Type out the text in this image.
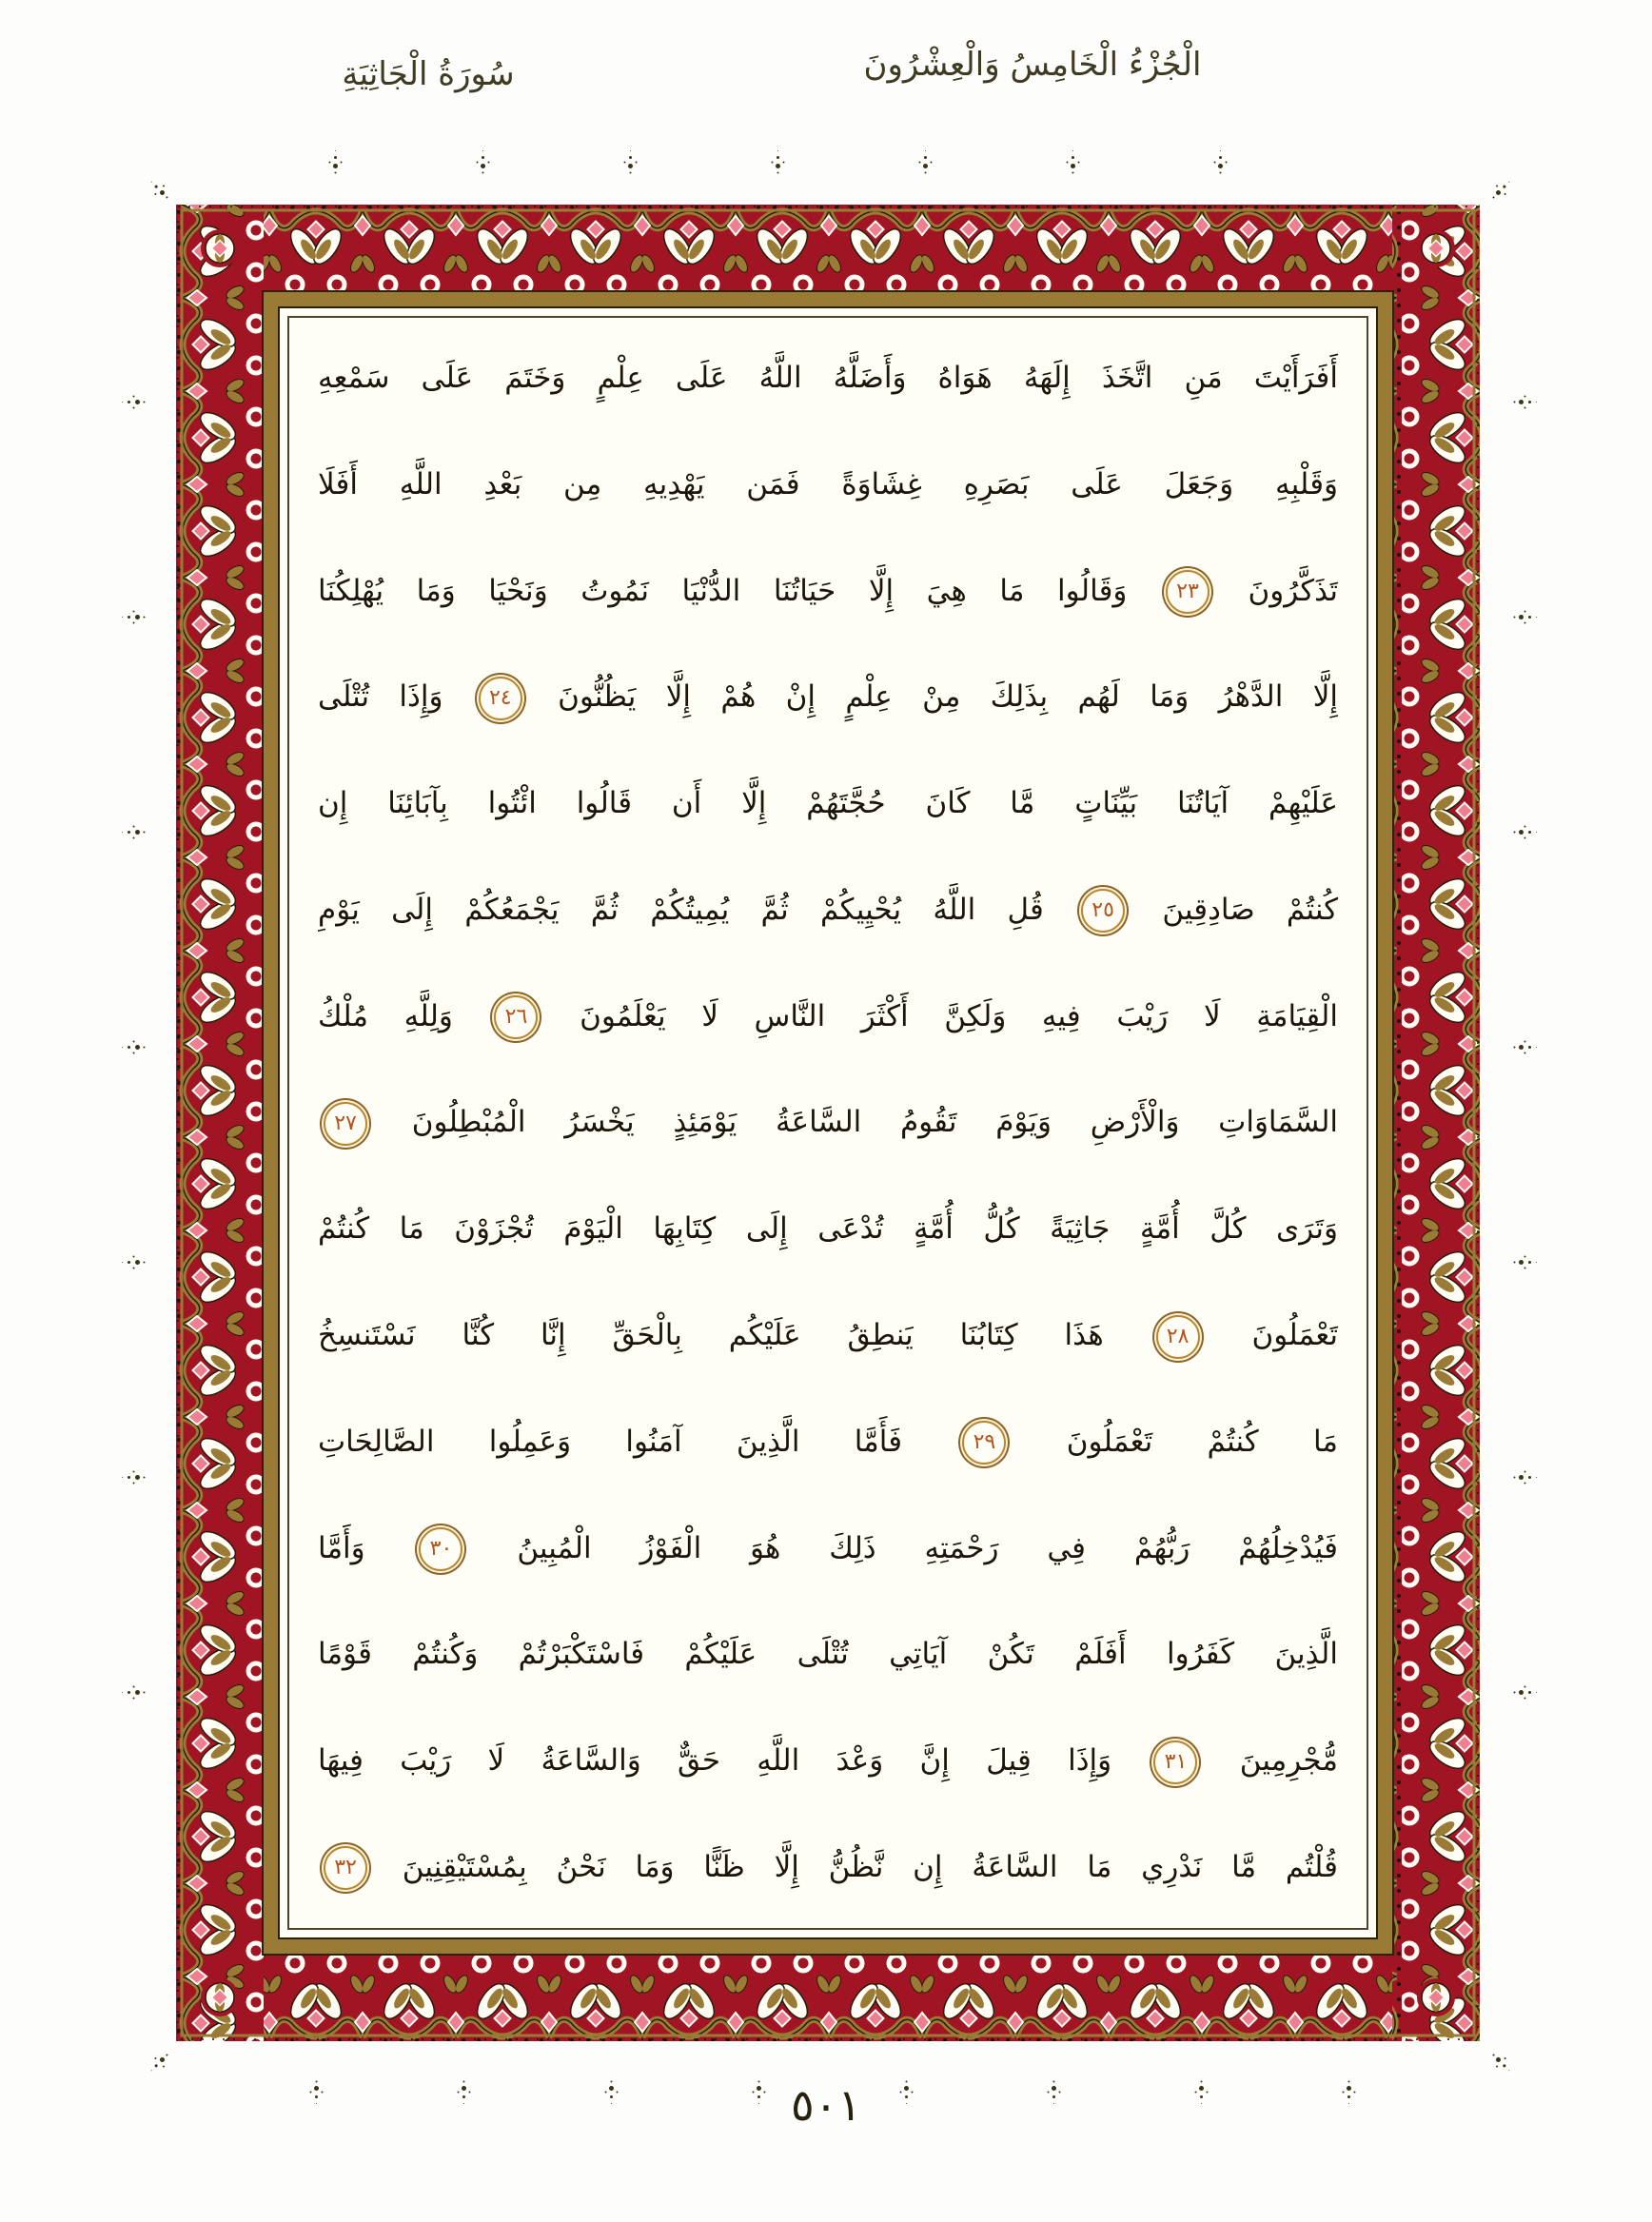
الْجُزْءُ الْخَامِسُ وَالْعِشْرُونَ
سُورَةُ الْجَاثِيَةِ
أَفَرَأَيْتَ مَنِ اتَّخَذَ إِلَهَهُ هَوَاهُ وَأَضَلَّهُ اللَّهُ عَلَى عِلْمٍ وَخَتَمَ عَلَى سَمْعِهِ
وَقَلْبِهِ وَجَعَلَ عَلَى بَصَرِهِ غِشَاوَةً فَمَن يَهْدِيهِ مِن بَعْدِ اللَّهِ أَفَلَا
تَذَكَّرُونَ ٢٣ وَقَالُوا مَا هِيَ إِلَّا حَيَاتُنَا الدُّنْيَا نَمُوتُ وَنَحْيَا وَمَا يُهْلِكُنَا
إِلَّا الدَّهْرُ وَمَا لَهُم بِذَلِكَ مِنْ عِلْمٍ إِنْ هُمْ إِلَّا يَظُنُّونَ ٢٤ وَإِذَا تُتْلَى
عَلَيْهِمْ آيَاتُنَا بَيِّنَاتٍ مَّا كَانَ حُجَّتَهُمْ إِلَّا أَن قَالُوا ائْتُوا بِآبَائِنَا إِن
كُنتُمْ صَادِقِينَ ٢٥ قُلِ اللَّهُ يُحْيِيكُمْ ثُمَّ يُمِيتُكُمْ ثُمَّ يَجْمَعُكُمْ إِلَى يَوْمِ
الْقِيَامَةِ لَا رَيْبَ فِيهِ وَلَكِنَّ أَكْثَرَ النَّاسِ لَا يَعْلَمُونَ ٢٦ وَلِلَّهِ مُلْكُ
السَّمَاوَاتِ وَالْأَرْضِ وَيَوْمَ تَقُومُ السَّاعَةُ يَوْمَئِذٍ يَخْسَرُ الْمُبْطِلُونَ ٢٧
وَتَرَى كُلَّ أُمَّةٍ جَاثِيَةً كُلُّ أُمَّةٍ تُدْعَى إِلَى كِتَابِهَا الْيَوْمَ تُجْزَوْنَ مَا كُنتُمْ
تَعْمَلُونَ ٢٨ هَذَا كِتَابُنَا يَنطِقُ عَلَيْكُم بِالْحَقِّ إِنَّا كُنَّا نَسْتَنسِخُ
مَا كُنتُمْ تَعْمَلُونَ ٢٩ فَأَمَّا الَّذِينَ آمَنُوا وَعَمِلُوا الصَّالِحَاتِ
فَيُدْخِلُهُمْ رَبُّهُمْ فِي رَحْمَتِهِ ذَلِكَ هُوَ الْفَوْزُ الْمُبِينُ ٣٠ وَأَمَّا
الَّذِينَ كَفَرُوا أَفَلَمْ تَكُنْ آيَاتِي تُتْلَى عَلَيْكُمْ فَاسْتَكْبَرْتُمْ وَكُنتُمْ قَوْمًا
مُّجْرِمِينَ ٣١ وَإِذَا قِيلَ إِنَّ وَعْدَ اللَّهِ حَقٌّ وَالسَّاعَةُ لَا رَيْبَ فِيهَا
قُلْتُم مَّا نَدْرِي مَا السَّاعَةُ إِن نَّظُنُّ إِلَّا ظَنًّا وَمَا نَحْنُ بِمُسْتَيْقِنِينَ ٣٢
٥٠١
